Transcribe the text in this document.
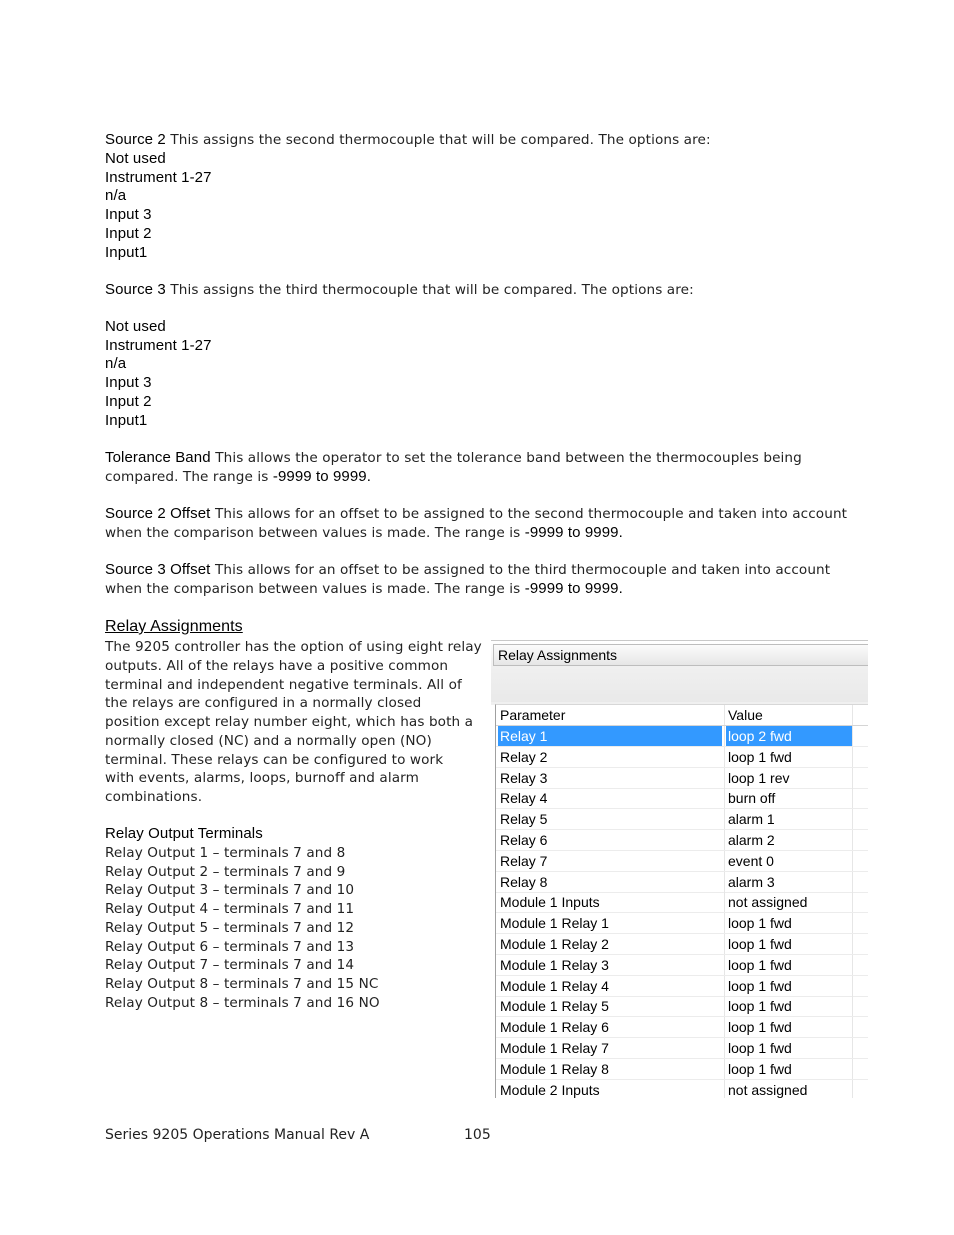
Source 2 This assigns the second thermocouple that will be compared. The options are:
Not used
Instrument 1-27
n/a
Input 3
Input 2
Input1
Source 3 This assigns the third thermocouple that will be compared. The options are:
Not used
Instrument 1-27
n/a
Input 3
Input 2
Input1
Tolerance Band This allows the operator to set the tolerance band between the thermocouples being
compared. The range is -9999 to 9999.
Source 2 Offset This allows for an offset to be assigned to the second thermocouple and taken into account
when the comparison between values is made. The range is -9999 to 9999.
Source 3 Offset This allows for an offset to be assigned to the third thermocouple and taken into account
when the comparison between values is made. The range is -9999 to 9999.
Relay Assignments
The 9205 controller has the option of using eight relay
outputs. All of the relays have a positive common
terminal and independent negative terminals. All of
the relays are configured in a normally closed
position except relay number eight, which has both a
normally closed (NC) and a normally open (NO)
terminal. These relays can be configured to work
with events, alarms, loops, burnoff and alarm
combinations.
Relay Output Terminals
Relay Output 1 – terminals 7 and 8
Relay Output 2 – terminals 7 and 9
Relay Output 3 – terminals 7 and 10
Relay Output 4 – terminals 7 and 11
Relay Output 5 – terminals 7 and 12
Relay Output 6 – terminals 7 and 13
Relay Output 7 – terminals 7 and 14
Relay Output 8 – terminals 7 and 15 NC
Relay Output 8 – terminals 7 and 16 NO
Relay Assignments
Parameter	Value
Relay 1	loop 2 fwd
Relay 2	loop 1 fwd
Relay 3	loop 1 rev
Relay 4	burn off
Relay 5	alarm 1
Relay 6	alarm 2
Relay 7	event 0
Relay 8	alarm 3
Module 1 Inputs	not assigned
Module 1 Relay 1	loop 1 fwd
Module 1 Relay 2	loop 1 fwd
Module 1 Relay 3	loop 1 fwd
Module 1 Relay 4	loop 1 fwd
Module 1 Relay 5	loop 1 fwd
Module 1 Relay 6	loop 1 fwd
Module 1 Relay 7	loop 1 fwd
Module 1 Relay 8	loop 1 fwd
Module 2 Inputs	not assigned
Series 9205 Operations Manual Rev A	105
